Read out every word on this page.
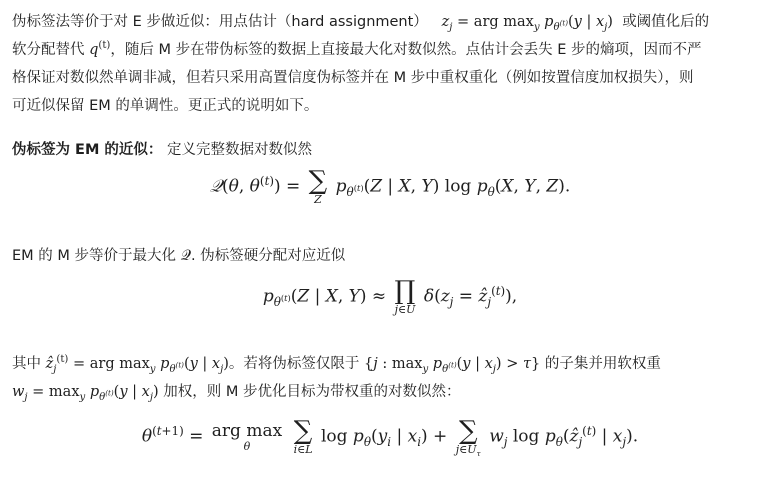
伪标签法等价于对 E 步做近似：用点估计（hard assignment）   $z_j$ = arg $\max_y p_{\theta^{(t)}}(y$ | $x_j$) 或阈值化后的
软分配替代 $q^{(t)}$，随后 M 步在带伪标签的数据上直接最大化对数似然。点估计会丢失 E 步的熵项，因而不严
格保证对数似然单调非减，但若只采用高置信度伪标签并在 M 步中重权重化（例如按置信度加权损失），则
可近似保留 EM 的单调性。更正式的说明如下。
伪标签为 EM 的近似： 定义完整数据对数似然
𝒬(θ, $\theta^{(t)}$) = ∑
Z
$p_{\theta^{(t)}}(Z$ | X, Y) $\log p_\theta(X$, Y, Z).
EM 的 M 步等价于最大化 𝒬. 伪标签硬分配对应近似
$p_{\theta^{(t)}}(Z$ | X, Y) ≈ ∏
j∈U
$\delta(z_j$ = ẑ$_j^{(t)}$),
其中 ẑ$_j^{(t)}$ = arg $\max_y p_{\theta^{(t)}}(y$ | $x_j$)。若将伪标签仅限于 {j : $\max_y p_{\theta^{(t)}}(y$ | $x_j) > \tau$} 的子集并用软权重
$w_j = \max_y p_{\theta^{(t)}}(y$ | $x_j$) 加权，则 M 步优化目标为带权重的对数似然：
$\theta^{(t+1)}$ = arg max
θ

∑
i∈L
$\log p_\theta(y_i$ | $x_i$) + ∑
$j\in U_\tau$
$w_j$ $\log p_\theta(ẑ_j^{(t)}$ | $x_j$).
